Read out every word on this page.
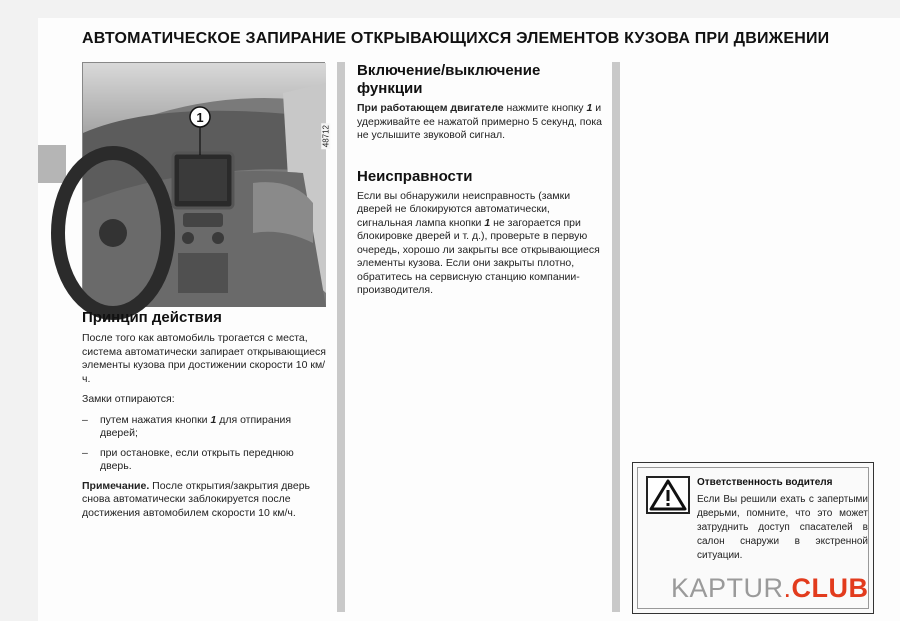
АВТОМАТИЧЕСКОЕ ЗАПИРАНИЕ ОТКРЫВАЮЩИХСЯ ЭЛЕМЕНТОВ КУЗОВА ПРИ ДВИЖЕНИИ
1
48712
Принцип действия

После того как автомобиль трогается с места, система автоматически запирает открывающиеся элементы кузова при достижении скорости 10 км/ч.

Замки отпираются:

– путем нажатия кнопки 1 для отпирания дверей;
– при остановке, если открыть переднюю дверь.

Примечание. После открытия/закрытия дверь снова автоматически заблокируется после достижения автомобилем скорости 10 км/ч.

Включение/выключение функции

При работающем двигателе нажмите кнопку 1 и удерживайте ее нажатой примерно 5 секунд, пока не услышите звуковой сигнал.

Неисправности

Если вы обнаружили неисправность (замки дверей не блокируются автоматически, сигнальная лампа кнопки 1 не загорается при блокировке дверей и т. д.), проверьте в первую очередь, хорошо ли закрыты все открывающиеся элементы кузова. Если они закрыты плотно, обратитесь на сервисную станцию компании-производителя.

Ответственность водителя
Если Вы решили ехать с запертыми дверьми, помните, что это может затруднить доступ спасателей в салон снаружи в экстренной ситуации.
KAPTUR.CLUB
